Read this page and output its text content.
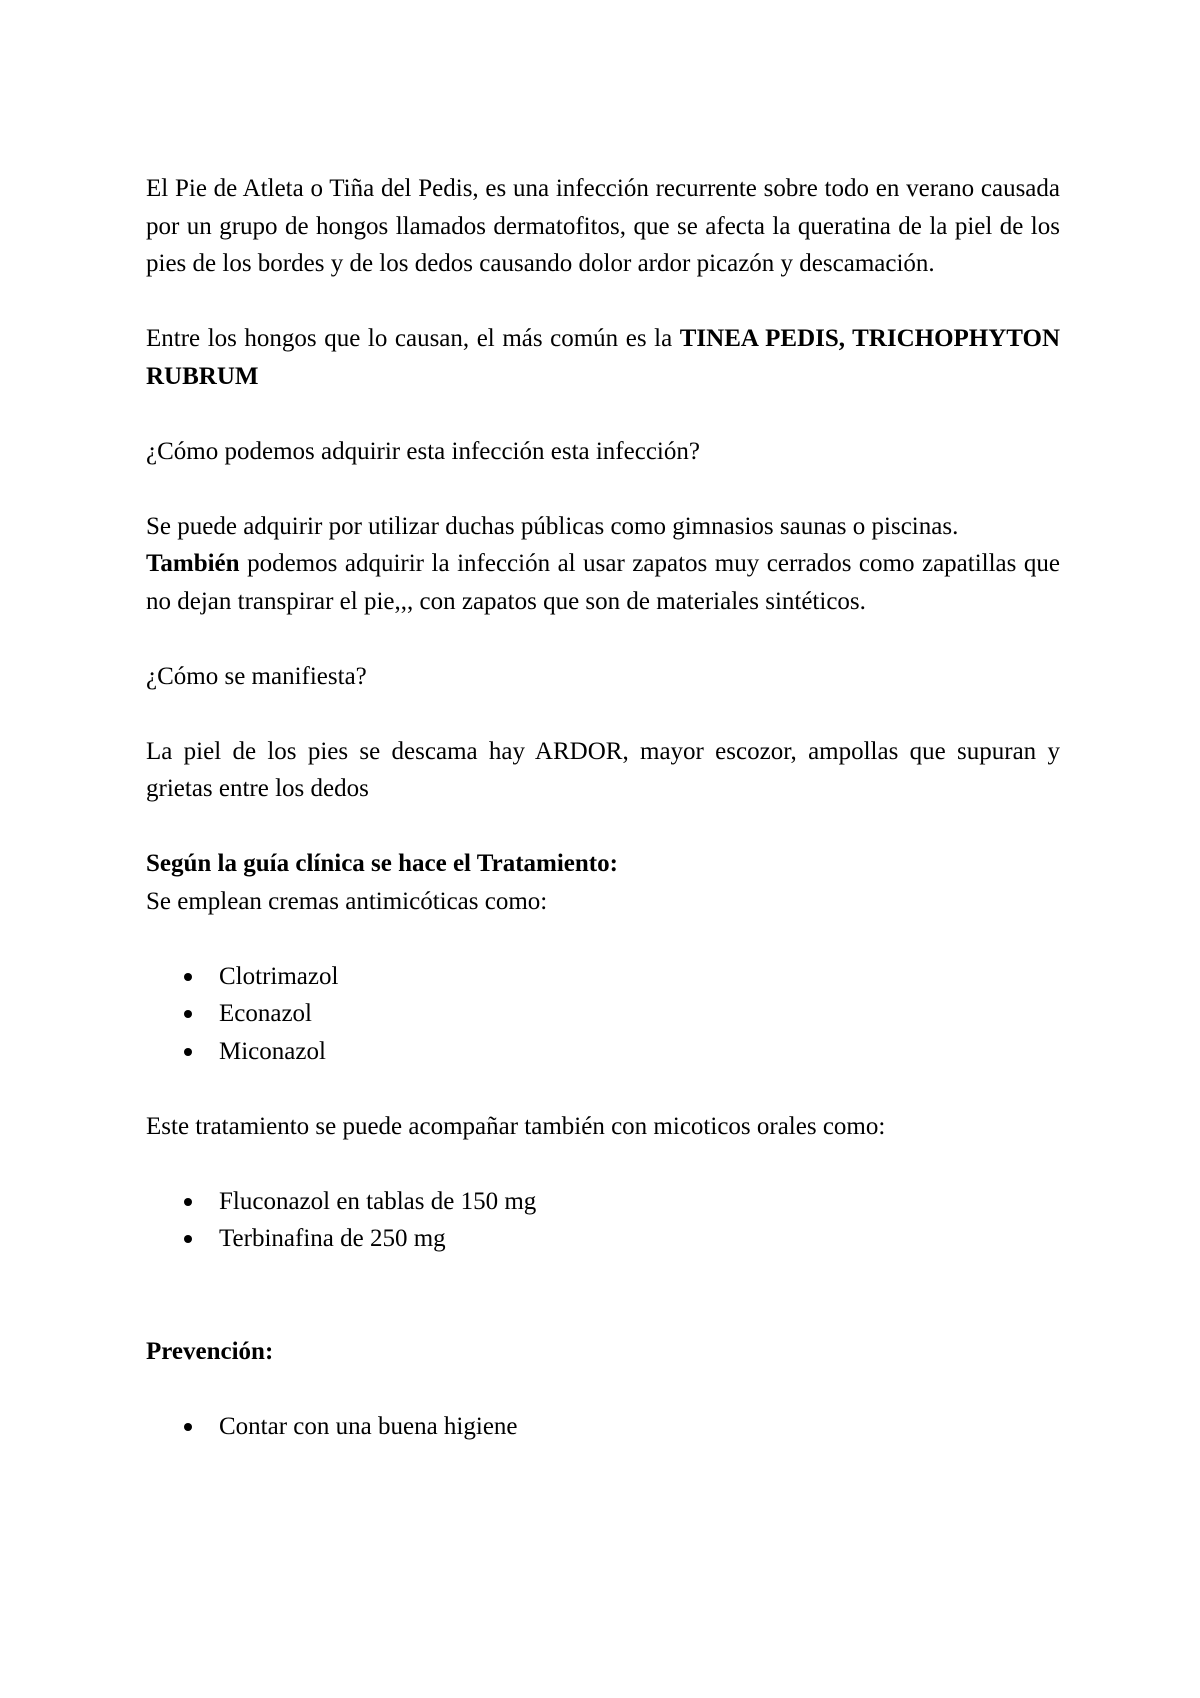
El Pie de Atleta o Tiña del Pedis, es una infección recurrente sobre todo en verano causada por un grupo de hongos llamados dermatofitos, que se afecta la queratina de la piel de los pies de los bordes y de los dedos causando dolor ardor picazón y descamación.

Entre los hongos que lo causan, el más común es la TINEA PEDIS, TRICHOPHYTON RUBRUM

¿Cómo podemos adquirir esta infección esta infección?

Se puede adquirir por utilizar duchas públicas como gimnasios saunas o piscinas.

También podemos adquirir la infección al usar zapatos muy cerrados como zapatillas que no dejan transpirar el pie,,, con zapatos que son de materiales sintéticos.

¿Cómo se manifiesta?

La piel de los pies se descama hay ARDOR, mayor escozor, ampollas que supuran y grietas entre los dedos

Según la guía clínica se hace el Tratamiento:

Se emplean cremas antimicóticas como:

Clotrimazol
Econazol
Miconazol

Este tratamiento se puede acompañar también con micoticos orales como:

Fluconazol en tablas de 150 mg
Terbinafina de 250 mg

Prevención:

Contar con una buena higiene
